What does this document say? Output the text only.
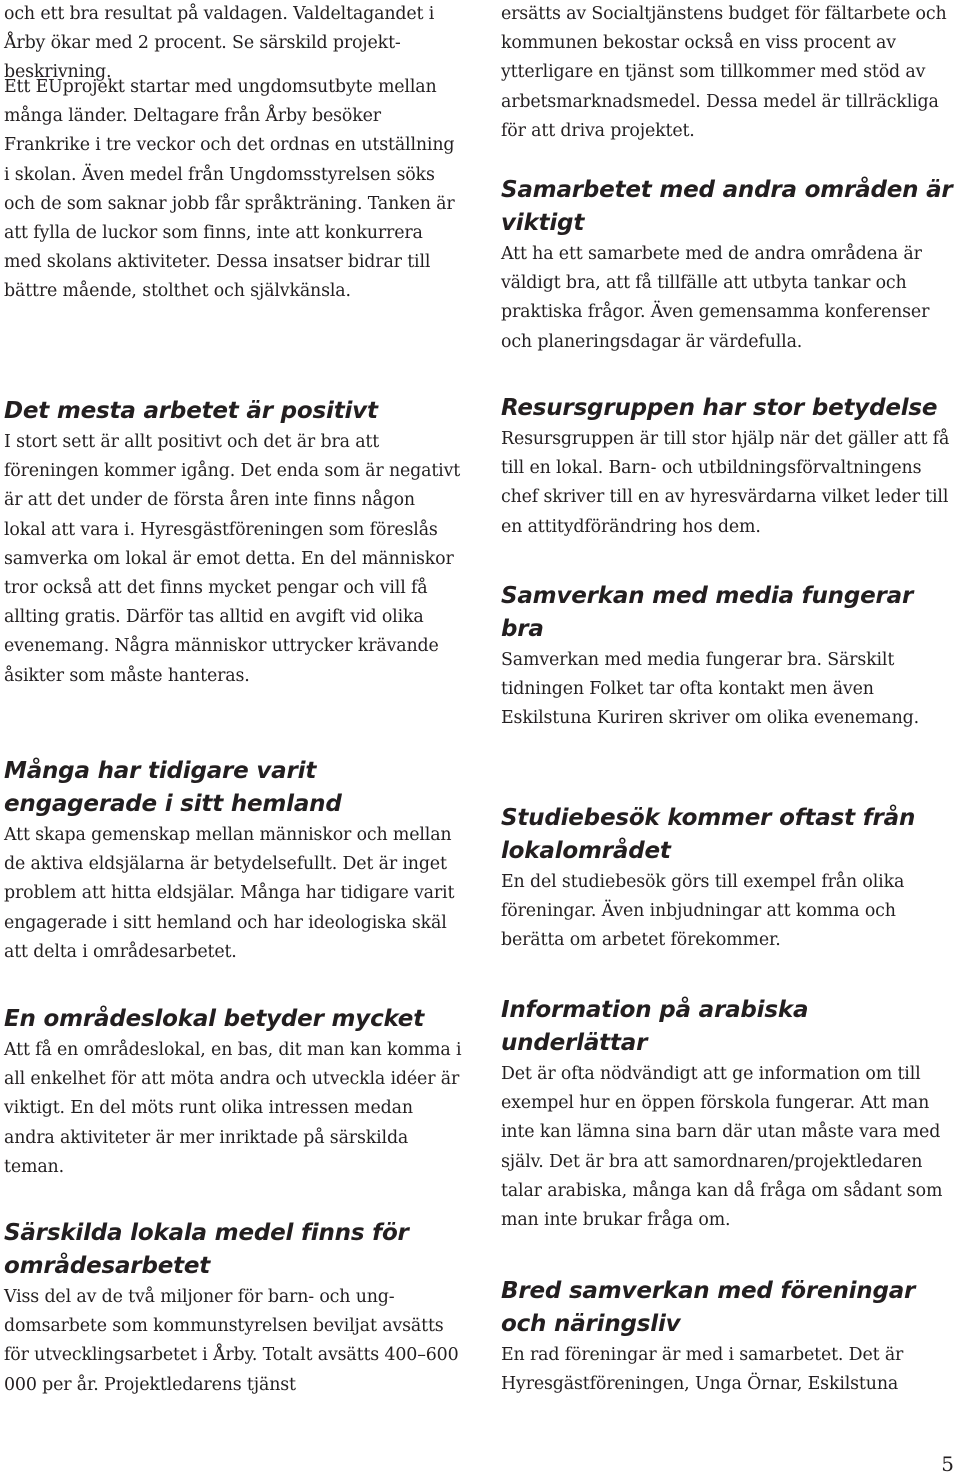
och ett bra resultat på valdagen. Valdeltagandet i Årby ökar med 2 procent. Se särskild projektbeskrivning.

Ett EUprojekt startar med ungdomsutbyte mellan många länder. Deltagare från Årby besöker Frankrike i tre veckor och det ordnas en utställning i skolan. Även medel från Ungdomsstyrelsen söks och de som saknar jobb får språkträning. Tanken är att fylla de luckor som finns, inte att konkurrera med skolans aktiviteter. Dessa insatser bidrar till bättre mående, stolthet och självkänsla.

Det mesta arbetet är positivt

I stort sett är allt positivt och det är bra att föreningen kommer igång. Det enda som är negativt är att det under de första åren inte finns någon lokal att vara i. Hyresgästföreningen som föreslås samverka om lokal är emot detta. En del människor tror också att det finns mycket pengar och vill få allting gratis. Därför tas alltid en avgift vid olika evenemang. Några människor uttrycker krävande åsikter som måste hanteras.

Många har tidigare varit engagerade i sitt hemland

Att skapa gemenskap mellan människor och mellan de aktiva eldsjälarna är betydelsefullt. Det är inget problem att hitta eldsjälar. Många har tidigare varit engagerade i sitt hemland och har ideologiska skäl att delta i områdesarbetet.

En områdeslokal betyder mycket

Att få en områdeslokal, en bas, dit man kan komma i all enkelhet för att möta andra och utveckla idéer är viktigt. En del möts runt olika intressen medan andra aktiviteter är mer inriktade på särskilda teman.

Särskilda lokala medel finns för områdesarbetet

Viss del av de två miljoner för barn- och ungdomsarbete som kommunstyrelsen beviljat avsätts för utvecklingsarbetet i Årby. Totalt avsätts 400–600 000 per år. Projektledarens tjänst

ersätts av Socialtjänstens budget för fältarbete och kommunen bekostar också en viss procent av ytterligare en tjänst som tillkommer med stöd av arbetsmarknadsmedel. Dessa medel är tillräckliga för att driva projektet.

Samarbetet med andra områden är viktigt

Att ha ett samarbete med de andra områdena är väldigt bra, att få tillfälle att utbyta tankar och praktiska frågor. Även gemensamma konferenser och planeringsdagar är värdefulla.

Resursgruppen har stor betydelse

Resursgruppen är till stor hjälp när det gäller att få till en lokal. Barn- och utbildningsförvaltningens chef skriver till en av hyresvärdarna vilket leder till en attitydförändring hos dem.

Samverkan med media fungerar bra

Samverkan med media fungerar bra. Särskilt tidningen Folket tar ofta kontakt men även Eskilstuna Kuriren skriver om olika evenemang.

Studiebesök kommer oftast från lokalområdet

En del studiebesök görs till exempel från olika föreningar. Även inbjudningar att komma och berätta om arbetet förekommer.

Information på arabiska underlättar

Det är ofta nödvändigt att ge information om till exempel hur en öppen förskola fungerar. Att man inte kan lämna sina barn där utan måste vara med själv. Det är bra att samordnaren/projektledaren talar arabiska, många kan då fråga om sådant som man inte brukar fråga om.

Bred samverkan med föreningar och näringsliv

En rad föreningar är med i samarbetet. Det är Hyresgästföreningen, Unga Örnar, Eskilstuna

5
